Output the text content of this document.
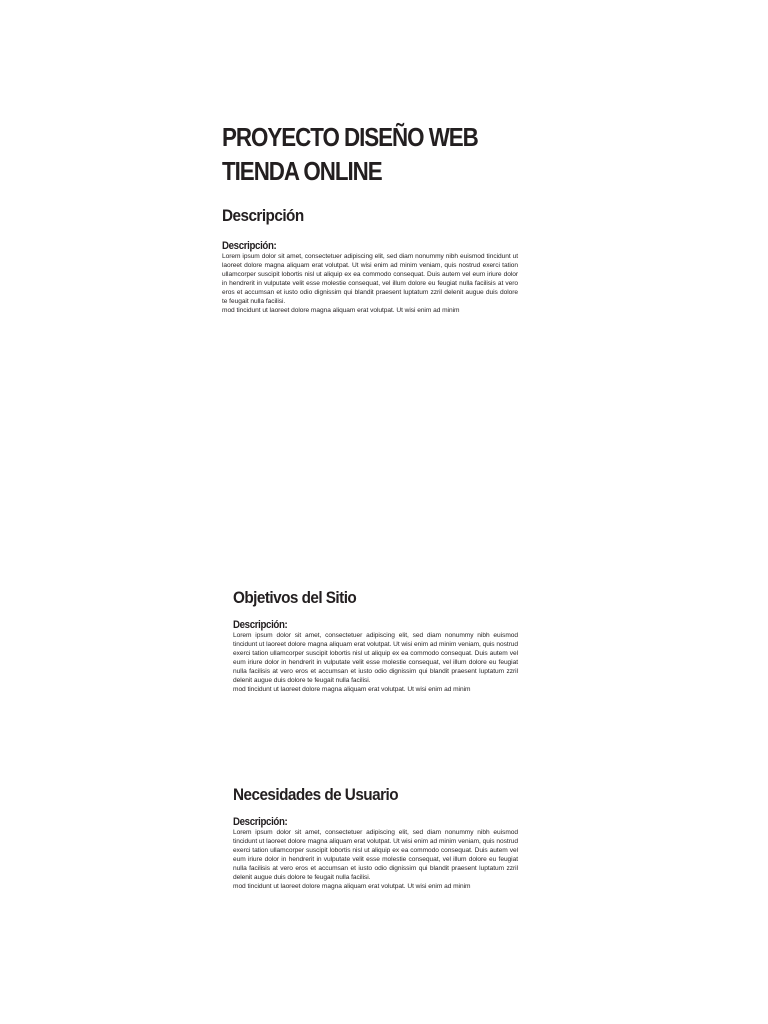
PROYECTO DISEÑO WEB
TIENDA ONLINE
Descripción

Descripción:

Lorem ipsum dolor sit amet, consectetuer adipiscing elit, sed diam nonummy nibh euismod tincidunt ut laoreet dolore magna aliquam erat volutpat. Ut wisi enim ad minim veniam, quis nostrud exerci tation ullamcorper suscipit lobortis nisl ut aliquip ex ea commodo consequat. Duis autem vel eum iriure dolor in hendrerit in vulputate velit esse molestie consequat, vel illum dolore eu feugiat nulla facilisis at vero eros et accumsan et iusto odio dignissim qui blandit praesent luptatum zzril delenit augue duis dolore te feugait nulla facilisi.

mod tincidunt ut laoreet dolore magna aliquam erat volutpat. Ut wisi enim ad minim

Objetivos del Sitio

Descripción:

Lorem ipsum dolor sit amet, consectetuer adipiscing elit, sed diam nonummy nibh euismod tincidunt ut laoreet dolore magna aliquam erat volutpat. Ut wisi enim ad minim veniam, quis nostrud exerci tation ullamcorper suscipit lobortis nisl ut aliquip ex ea commodo consequat. Duis autem vel eum iriure dolor in hendrerit in vulputate velit esse molestie consequat, vel illum dolore eu feugiat nulla facilisis at vero eros et accumsan et iusto odio dignissim qui blandit praesent luptatum zzril delenit augue duis dolore te feugait nulla facilisi.

mod tincidunt ut laoreet dolore magna aliquam erat volutpat. Ut wisi enim ad minim

Necesidades de Usuario

Descripción:

Lorem ipsum dolor sit amet, consectetuer adipiscing elit, sed diam nonummy nibh euismod tincidunt ut laoreet dolore magna aliquam erat volutpat. Ut wisi enim ad minim veniam, quis nostrud exerci tation ullamcorper suscipit lobortis nisl ut aliquip ex ea commodo consequat. Duis autem vel eum iriure dolor in hendrerit in vulputate velit esse molestie consequat, vel illum dolore eu feugiat nulla facilisis at vero eros et accumsan et iusto odio dignissim qui blandit praesent luptatum zzril delenit augue duis dolore te feugait nulla facilisi.

mod tincidunt ut laoreet dolore magna aliquam erat volutpat. Ut wisi enim ad minim
